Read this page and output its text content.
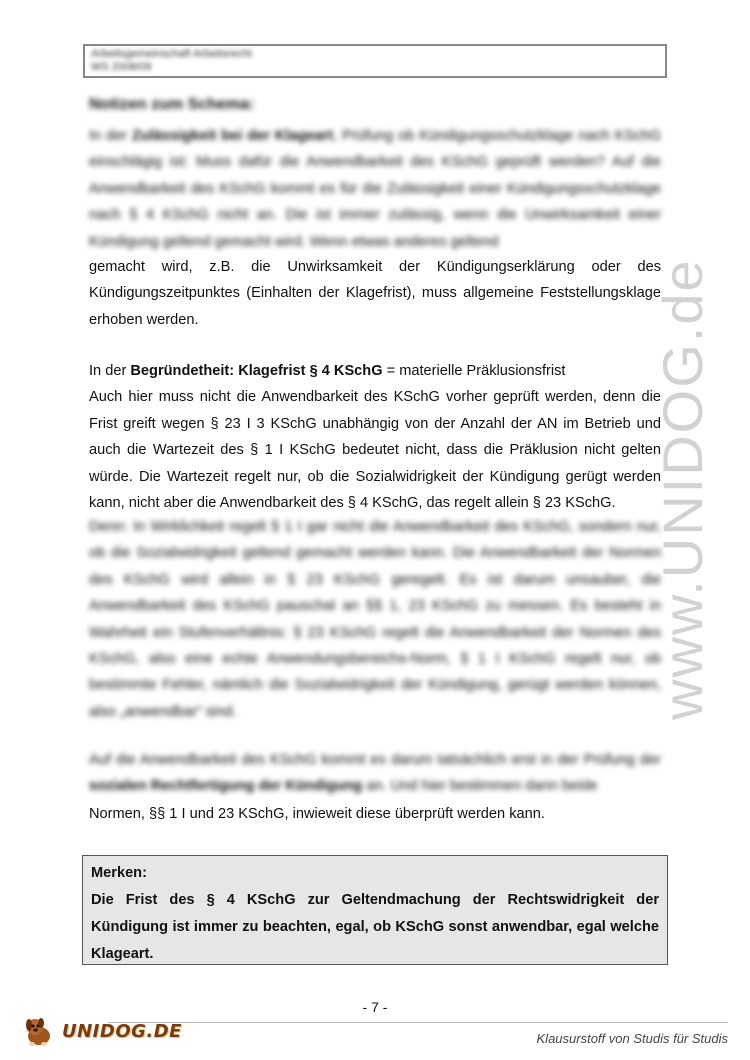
Arbeitsgemeinschaft Arbeitsrecht
WS 2008/09
Notizen zum Schema:

In der Zulässigkeit bei der Klageart, Prüfung ob Kündigungsschutzklage nach KSchG einschlägig ist: Muss dafür die Anwendbarkeit des KSchG geprüft werden? Auf die Anwendbarkeit des KSchG kommt es für die Zulässigkeit einer Kündigungsschutzklage nach § 4 KSchG nicht an. Die ist immer zulässig, wenn die Unwirksamkeit einer Kündigung geltend gemacht wird. Wenn etwas anderes geltend

gemacht wird, z.B. die Unwirksamkeit der Kündigungserklärung oder des Kündigungszeitpunktes (Einhalten der Klagefrist), muss allgemeine Feststellungsklage erhoben werden.

In der Begründetheit: Klagefrist § 4 KSchG = materielle Präklusionsfrist

Auch hier muss nicht die Anwendbarkeit des KSchG vorher geprüft werden, denn die Frist greift wegen § 23 I 3 KSchG unabhängig von der Anzahl der AN im Betrieb und auch die Wartezeit des § 1 I KSchG bedeutet nicht, dass die Präklusion nicht gelten würde. Die Wartezeit regelt nur, ob die Sozialwidrigkeit der Kündigung gerügt werden kann, nicht aber die Anwendbarkeit des § 4 KSchG, das regelt allein § 23 KSchG.

Denn: In Wirklichkeit regelt § 1 I gar nicht die Anwendbarkeit des KSchG, sondern nur, ob die Sozialwidrigkeit geltend gemacht werden kann. Die Anwendbarkeit der Normen des KSchG wird allein in § 23 KSchG geregelt. Es ist darum unsauber, die Anwendbarkeit des KSchG pauschal an §§ 1, 23 KSchG zu messen. Es besteht in Wahrheit ein Stufenverhältnis: § 23 KSchG regelt die Anwendbarkeit der Normen des KSchG, also eine echte Anwendungsbereichs-Norm, § 1 I KSchG regelt nur, ob bestimmte Fehler, nämlich die Sozialwidrigkeit der Kündigung, gerügt werden können, also „anwendbar“ sind.

Auf die Anwendbarkeit des KSchG kommt es darum tatsächlich erst in der Prüfung der sozialen Rechtfertigung der Kündigung an. Und hier bestimmen dann beide

Normen, §§ 1 I und 23 KSchG, inwieweit diese überprüft werden kann.

Merken:
Die Frist des § 4 KSchG zur Geltendmachung der Rechtswidrigkeit der Kündigung ist immer zu beachten, egal, ob KSchG sonst anwendbar, egal welche Klageart.
www.UNIDOG.de
- 7 -
UNIDOG.DE	Klausurstoff von Studis für Studis
